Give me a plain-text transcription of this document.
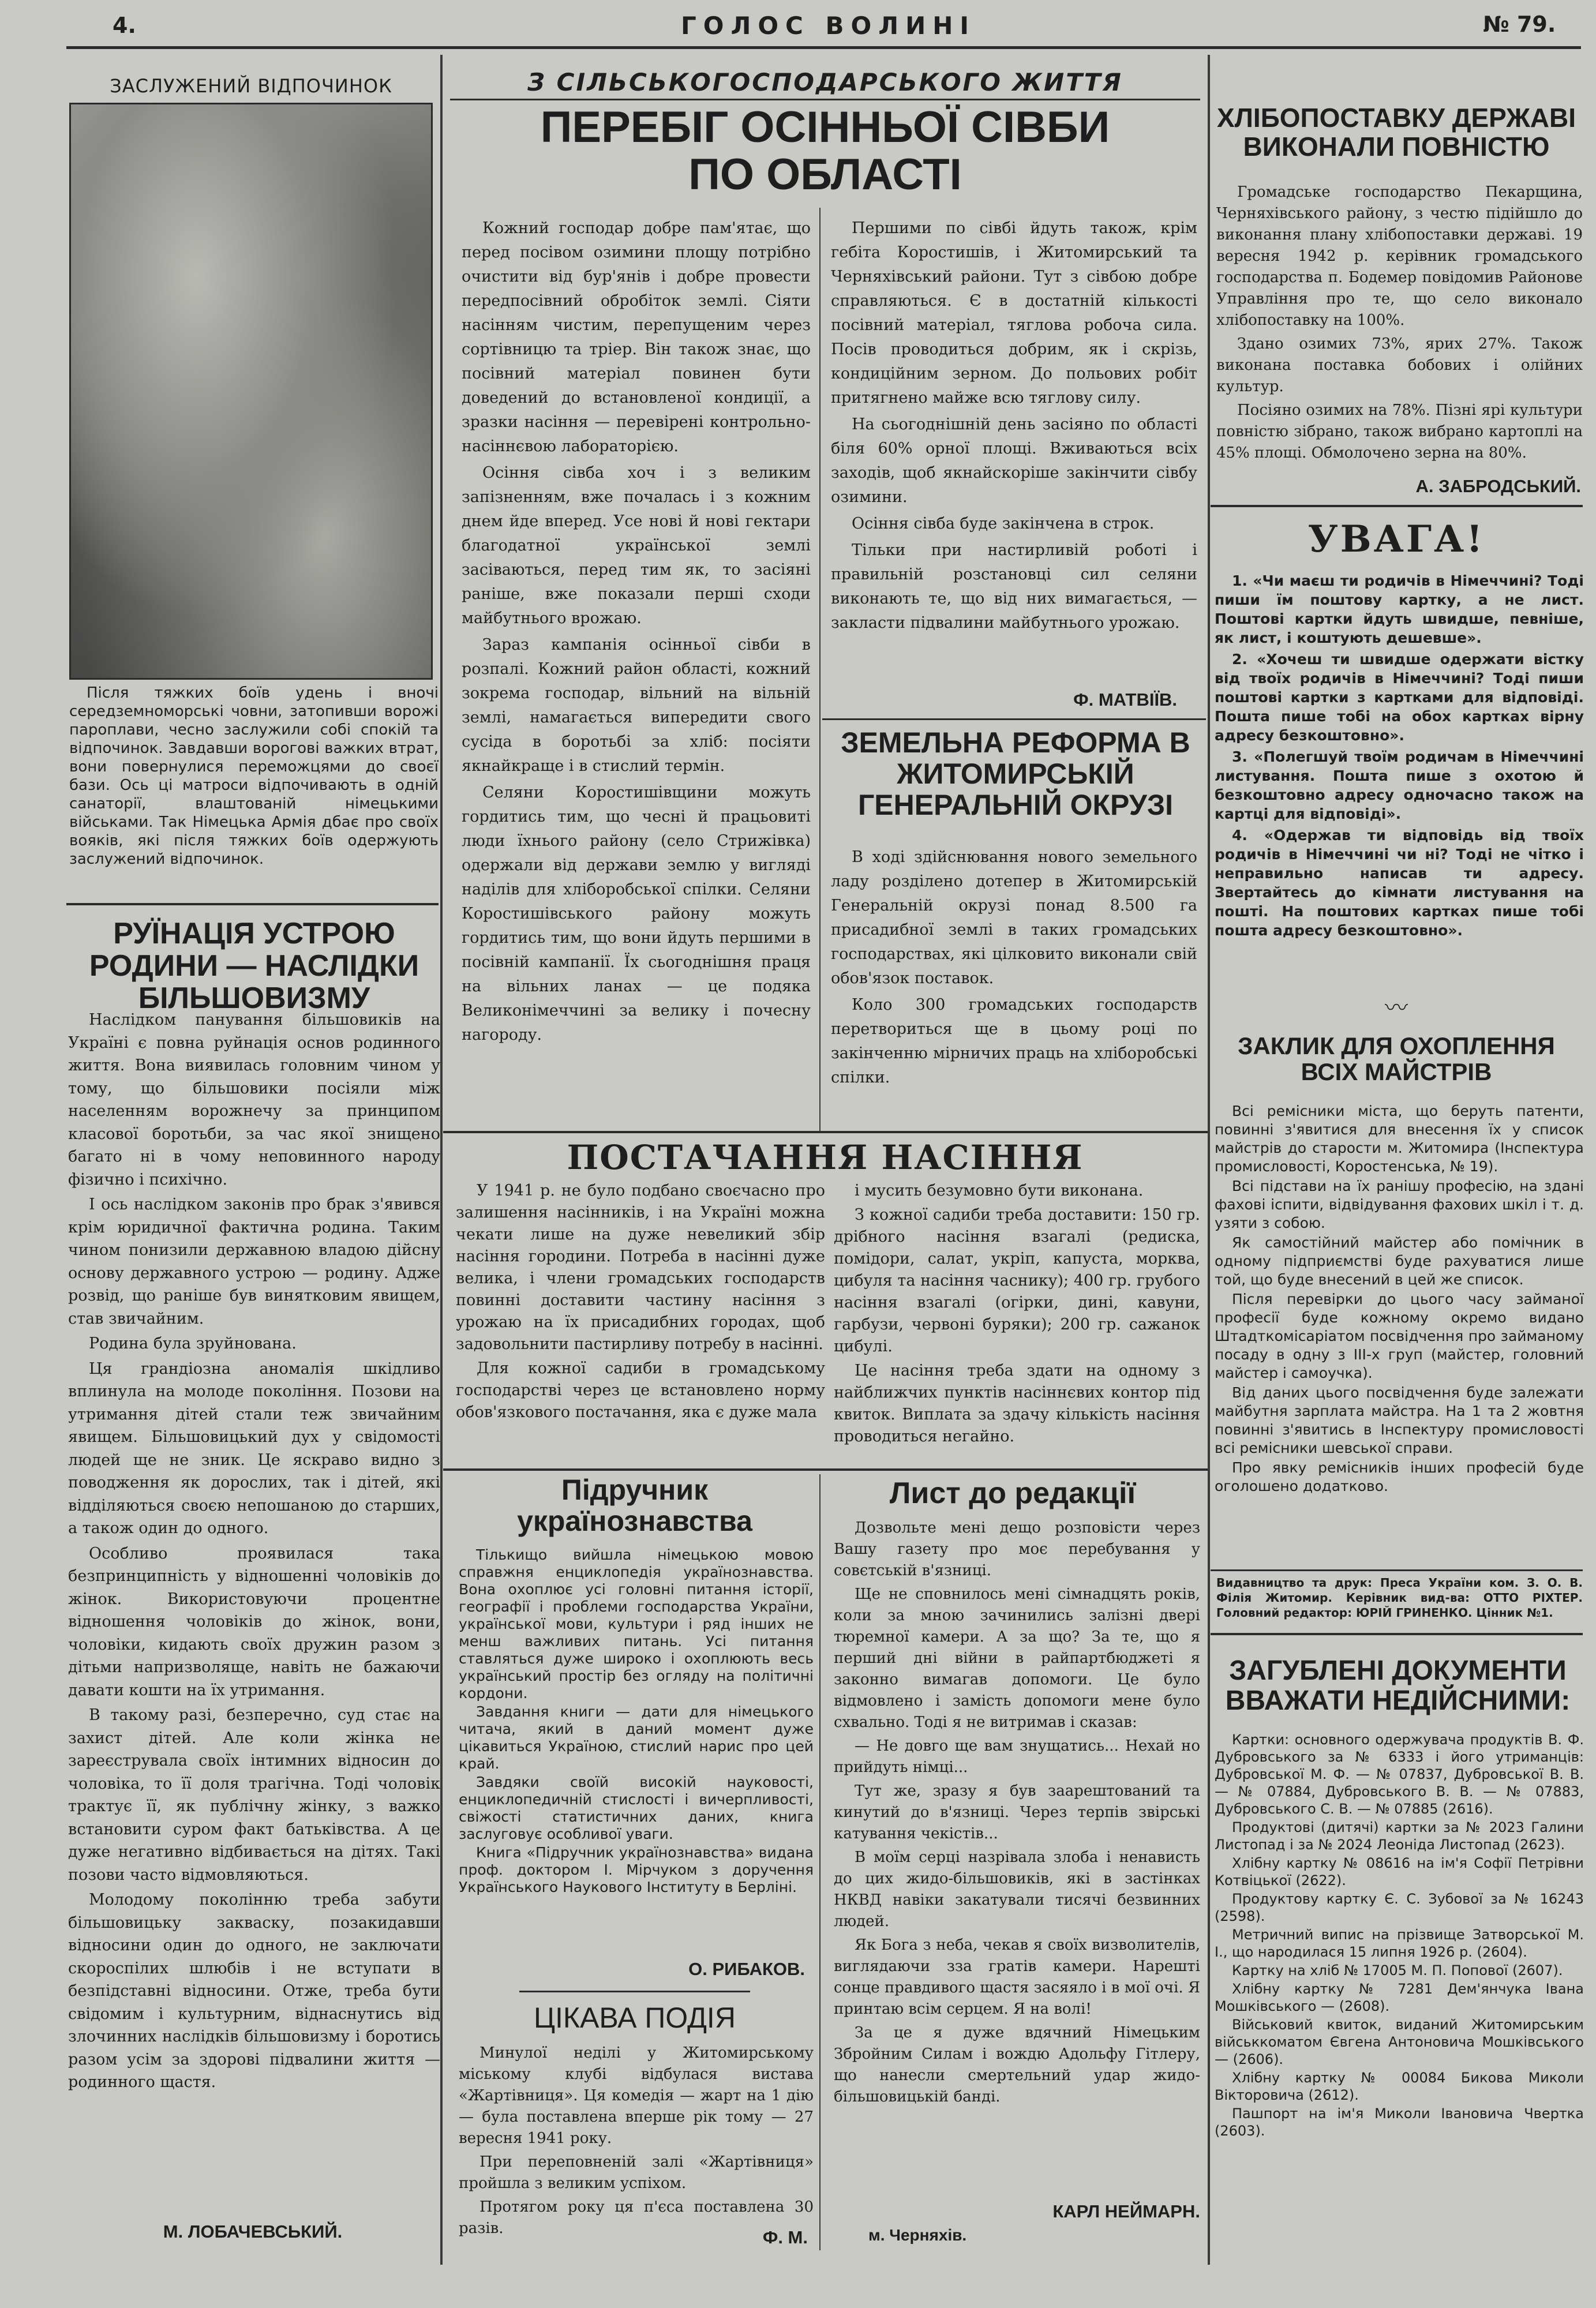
4.	ГОЛОС ВОЛИНІ	№ 79.
ЗАСЛУЖЕНИЙ ВІДПОЧИНОК
Після тяжких боїв удень і вночі середземноморські човни, затопивши ворожі пароплави, чесно заслужили собі спокій та відпочинок. Завдавши ворогові важких втрат, вони повернулися переможцями до своєї бази. Ось ці матроси відпочивають в одній санаторії, влаштованій німецькими військами. Так Німецька Армія дбає про своїх вояків, які після тяжких боїв одержують заслужений відпочинок.
РУЇНАЦІЯ УСТРОЮ РОДИНИ — НАСЛІДКИ БІЛЬШОВИЗМУ

Наслідком панування більшовиків на Україні є повна руйнація основ родинного життя. Вона виявилась головним чином у тому, що більшовики посіяли між населенням ворожнечу за принципом класової боротьби, за час якої знищено багато ні в чому неповинного народу фізично і психічно.

І ось наслідком законів про брак з'явився крім юридичної фактична родина. Таким чином понизили державною владою дійсну основу державного устрою — родину. Адже розвід, що раніше був винятковим явищем, став звичайним.

Родина була зруйнована.

Ця грандіозна аномалія шкідливо вплинула на молоде покоління. Позови на утримання дітей стали теж звичайним явищем. Більшовицький дух у свідомості людей ще не зник. Це яскраво видно з поводження як дорослих, так і дітей, які відділяються своєю непошаною до старших, а також один до одного.

Особливо проявилася така безпринципність у відношенні чоловіків до жінок. Використовуючи процентне відношення чоловіків до жінок, вони, чоловіки, кидають своїх дружин разом з дітьми напризволяще, навіть не бажаючи давати кошти на їх утримання.

В такому разі, безперечно, суд стає на захист дітей. Але коли жінка не зареєструвала своїх інтимних відносин до чоловіка, то її доля трагічна. Тоді чоловік трактує її, як публічну жінку, з важко встановити суром факт батьківства. А це дуже негативно відбивається на дітях. Такі позови часто відмовляються.

Молодому поколінню треба забути більшовицьку закваску, позакидавши відносини один до одного, не заключати скороспілих шлюбів і не вступати в безпідставні відносини. Отже, треба бути свідомим і культурним, віднаснутись від злочинних наслідків більшовизму і боротись разом усім за здорові підвалини життя — родинного щастя.

М. ЛОБАЧЕВСЬКИЙ.
З СІЛЬСЬКОГОСПОДАРСЬКОГО ЖИТТЯ
ПЕРЕБІГ ОСІННЬОЇ СІВБИ ПО ОБЛАСТІ

Кожний господар добре пам'ятає, що перед посівом озимини площу потрібно очистити від бур'янів і добре провести передпосівний обробіток землі. Сіяти насінням чистим, перепущеним через сортівницю та тріер. Він також знає, що посівний матеріал повинен бути доведений до встановленої кондиції, а зразки насіння — перевірені контрольно-насіннєвою лабораторією.

Осіння сівба хоч і з великим запізненням, вже почалась і з кожним днем йде вперед. Усе нові й нові гектари благодатної української землі засіваються, перед тим як, то засіяні раніше, вже показали перші сходи майбутнього врожаю.

Зараз кампанія осінньої сівби в розпалі. Кожний район області, кожний зокрема господар, вільний на вільній землі, намагається випередити свого сусіда в боротьбі за хліб: посіяти якнайкраще і в стислий термін.

Селяни Коростишівщини можуть гордитись тим, що чесні й працьовиті люди їхнього району (село Стрижівка) одержали від держави землю у вигляді наділів для хліборобської спілки. Селяни Коростишівського району можуть гордитись тим, що вони йдуть першими в посівній кампанії. Їх сьогоднішня праця на вільних ланах — це подяка Великонімеччині за велику і почесну нагороду.

Першими по сівбі йдуть також, крім гебіта Коростишів, і Житомирський та Черняхівський райони. Тут з сівбою добре справляються. Є в достатній кількості посівний матеріал, тяглова робоча сила. Посів проводиться добрим, як і скрізь, кондиційним зерном. До польових робіт притягнено майже всю тяглову силу.

На сьогоднішній день засіяно по області біля 60% орної площі. Вживаються всіх заходів, щоб якнайскоріше закінчити сівбу озимини.

Осіння сівба буде закінчена в строк.

Тільки при настирливій роботі і правильній розстановці сил селяни виконають те, що від них вимагається, — закласти підвалини майбутнього урожаю.

Ф. МАТВІЇВ.
ЗЕМЕЛЬНА РЕФОРМА В ЖИТОМИРСЬКІЙ ГЕНЕРАЛЬНІЙ ОКРУЗІ

В ході здійснювання нового земельного ладу розділено дотепер в Житомирській Генеральній окрузі понад 8.500 га присадибної землі в таких громадських господарствах, які цілковито виконали свій обов'язок поставок.

Коло 300 громадських господарств перетвориться ще в цьому році по закінченню мірничих праць на хліборобські спілки.

ПОСТАЧАННЯ НАСІННЯ

У 1941 р. не було подбано своєчасно про залишення насінників, і на Україні можна чекати лише на дуже невеликий збір насіння городини. Потреба в насінні дуже велика, і члени громадських господарств повинні доставити частину насіння з урожаю на їх присадибних городах, щоб задовольнити пастирливу потребу в насінні.

Для кожної садиби в громадському господарстві через це встановлено норму обов'язкового постачання, яка є дуже мала

і мусить безумовно бути виконана.

З кожної садиби треба доставити: 150 гр. дрібного насіння взагалі (редиска, помідори, салат, укріп, капуста, морква, цибуля та насіння часнику); 400 гр. грубого насіння взагалі (огірки, дині, кавуни, гарбузи, червоні буряки); 200 гр. сажанок цибулі.

Це насіння треба здати на одному з найближчих пунктів насіннєвих контор під квиток. Виплата за здачу кількість насіння проводиться негайно.

Підручник українознавства

Тількищо вийшла німецькою мовою справжня енциклопедія українознавства. Вона охоплює усі головні питання історії, географії і проблеми господарства України, української мови, культури і ряд інших не менш важливих питань. Усі питання ставляться дуже широко і охоплюють весь український простір без огляду на політичні кордони.

Завдання книги — дати для німецького читача, який в даний момент дуже цікавиться Україною, стислий нарис про цей край.

Завдяки своїй високій науковості, енциклопедичній стислості і вичерпливості, свіжості статистичних даних, книга заслуговує особливої уваги.

Книга «Підручник українознавства» видана проф. доктором І. Мірчуком з доручення Українського Наукового Інституту в Берліні.

О. РИБАКОВ.
ЦІКАВА ПОДІЯ

Минулої неділі у Житомирському міському клубі відбулася вистава «Жартівниця». Ця комедія — жарт на 1 дію — була поставлена вперше рік тому — 27 вересня 1941 року.

При переповненій залі «Жартівниця» пройшла з великим успіхом.

Протягом року ця п'єса поставлена 30 разів.	Ф. М.
Лист до редакції

Дозвольте мені дещо розповісти через Вашу газету про моє перебування у совєтській в'язниці.

Ще не сповнилось мені сімнадцять років, коли за мною зачинились залізні двері тюремної камери. А за що? За те, що я перший дні війни в райпартбюджеті я законно вимагав допомоги. Це було відмовлено і замість допомоги мене було схвально. Тоді я не витримав і сказав:

— Не довго ще вам знущатись... Нехай но прийдуть німці...

Тут же, зразу я був заарештований та кинутий до в'язниці. Через терпів звірські катування чекістів...

В моїм серці назрівала злоба і ненависть до цих жидо-більшовиків, які в застінках НКВД навіки закатували тисячі безвинних людей.

Як Бога з неба, чекав я своїх визволителів, виглядаючи зза гратів камери. Нарешті сонце правдивого щастя засяяло і в мої очі. Я принтаю всім серцем. Я на волі!

За це я дуже вдячний Німецьким Збройним Силам і вождю Адольфу Гітлеру, що нанесли смертельний удар жидо-більшовицькій банді.

КАРЛ НЕЙМАРН.
м. Черняхів.
ХЛІБОПОСТАВКУ ДЕРЖАВІ ВИКОНАЛИ ПОВНІСТЮ

Громадське господарство Пекарщина, Черняхівського району, з честю підійшло до виконання плану хлібопоставки державі. 19 вересня 1942 р. керівник громадського господарства п. Бодемер повідомив Районове Управління про те, що село виконало хлібопоставку на 100%.

Здано озимих 73%, ярих 27%. Також виконана поставка бобових і олійних культур.

Посіяно озимих на 78%. Пізні ярі культури повністю зібрано, також вибрано картоплі на 45% площі. Обмолочено зерна на 80%.

А. ЗАБРОДСЬКИЙ.
УВАГА!

1. «Чи маєш ти родичів в Німеччині? Тоді пиши їм поштову картку, а не лист. Поштові картки йдуть швидше, певніше, як лист, і коштують дешевше».

2. «Хочеш ти швидше одержати вістку від твоїх родичів в Німеччині? Тоді пиши поштові картки з картками для відповіді. Пошта пише тобі на обох картках вірну адресу безкоштовно».

3. «Полегшуй твоїм родичам в Німеччині листування. Пошта пише з охотою й безкоштовно адресу одночасно також на картці для відповіді».

4. «Одержав ти відповідь від твоїх родичів в Німеччині чи ні? Тоді не чітко і неправильно написав ти адресу. Звертайтесь до кімнати листування на пошті. На поштових картках пише тобі пошта адресу безкоштовно».

〰
ЗАКЛИК ДЛЯ ОХОПЛЕННЯ ВСІХ МАЙСТРІВ

Всі ремісники міста, що беруть патенти, повинні з'явитися для внесення їх у список майстрів до старости м. Житомира (Інспектура промисловості, Коростенська, № 19).

Всі підстави на їх ранішу професію, на здані фахові іспити, відвідування фахових шкіл і т. д. узяти з собою.

Як самостійний майстер або помічник в одному підприємстві буде рахуватися лише той, що буде внесений в цей же список.

Після перевірки до цього часу займаної професії буде кожному окремо видано Штадткомісаріатом посвідчення про займаному посаду в одну з III-х груп (майстер, головний майстер і самоучка).

Від даних цього посвідчення буде залежати майбутня зарплата майстра. На 1 та 2 жовтня повинні з'явитись в Інспектуру промисловості всі ремісники шевської справи.

Про явку ремісників інших професій буде оголошено додатково.

Видавництво та друк: Преса України ком. З. О. В. Філія Житомир. Керівник вид-ва: ОТТО РІХТЕР. Головний редактор: ЮРІЙ ГРИНЕНКО. Цінник №1.
ЗАГУБЛЕНІ ДОКУМЕНТИ ВВАЖАТИ НЕДІЙСНИМИ:

Картки: основного одержувача продуктів В. Ф. Дубровського за № 6333 і його утриманців: Дубровської М. Ф. — № 07837, Дубровської В. В. — № 07884, Дубровського В. В. — № 07883, Дубровського С. В. — № 07885 (2616).

Продуктові (дитячі) картки за № 2023 Галини Листопад і за № 2024 Леоніда Листопад (2623).

Хлібну картку № 08616 на ім'я Софії Петрівни Котвіцької (2622).

Продуктову картку Є. С. Зубової за № 16243 (2598).

Метричний випис на прізвище Затворської М. І., що народилася 15 липня 1926 р. (2604).

Картку на хліб № 17005 М. П. Попової (2607).

Хлібну картку № 7281 Дем'янчука Івана Мошківського — (2608).

Військовий квиток, виданий Житомирським військкоматом Євгена Антоновича Мошківського — (2606).

Хлібну картку № 00084 Бикова Миколи Вікторовича (2612).

Пашпорт на ім'я Миколи Івановича Чвертка (2603).
